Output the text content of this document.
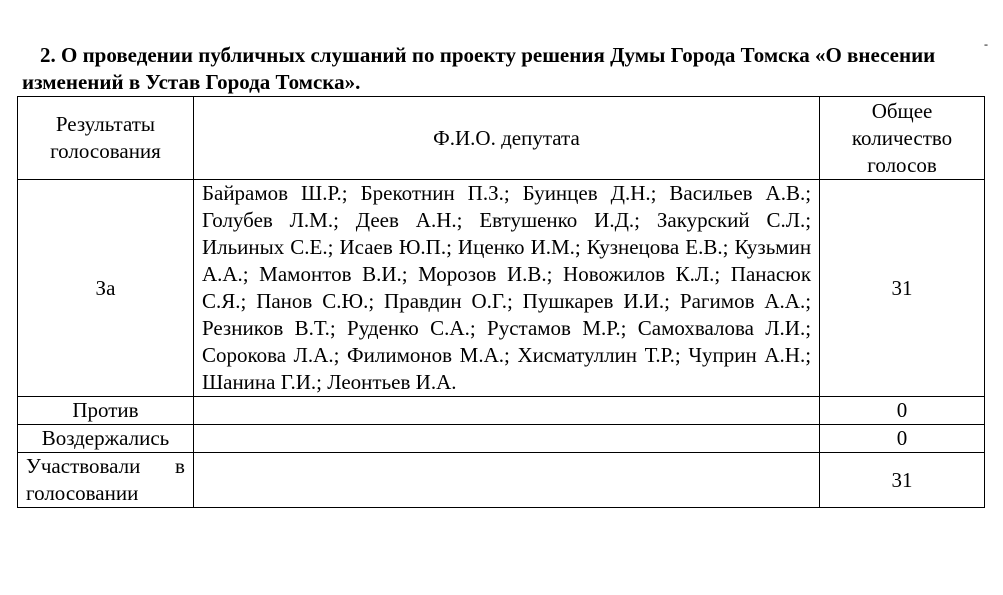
2. О проведении публичных слушаний по проекту решения Думы Города Томска «О внесении изменений в Устав Города Томска».

-
Результаты голосования	Ф.И.О. депутата	Общее количество голосов
За	Байрамов Ш.Р.; Брекотнин П.З.; Буинцев Д.Н.; Васильев А.В.; Голубев Л.М.; Деев А.Н.; Евтушенко И.Д.; Закурский С.Л.; Ильиных С.Е.; Исаев Ю.П.; Иценко И.М.; Кузнецова Е.В.; Кузьмин А.А.; Мамонтов В.И.; Морозов И.В.; Новожилов К.Л.; Панасюк С.Я.; Панов С.Ю.; Правдин О.Г.; Пушкарев И.И.; Рагимов А.А.; Резников В.Т.; Руденко С.А.; Рустамов М.Р.; Самохвалова Л.И.; Сорокова Л.А.; Филимонов М.А.; Хисматуллин Т.Р.; Чуприн А.Н.; Шанина Г.И.; Леонтьев И.А.	31
Против		0
Воздержались		0
Участвовали в голосовании		31
